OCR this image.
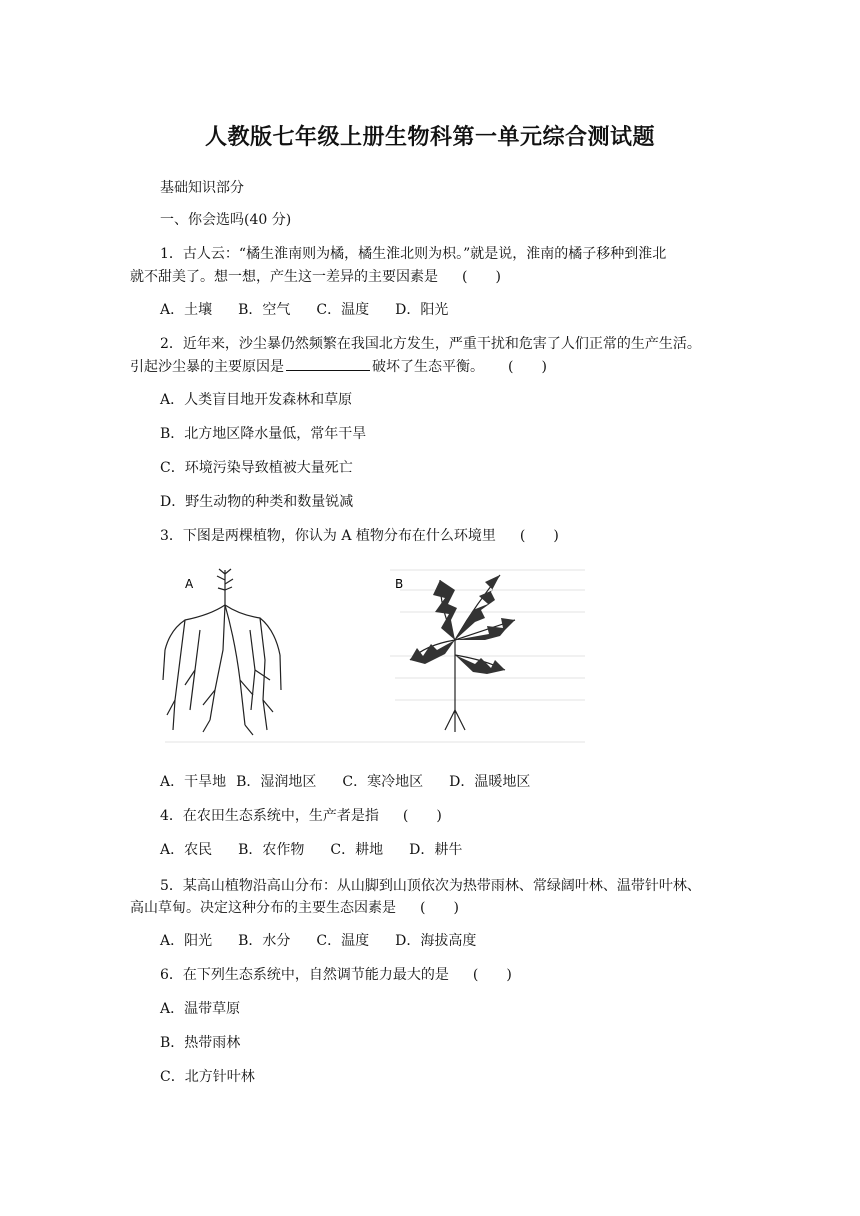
人教版七年级上册生物科第一单元综合测试题
基础知识部分
一、你会选吗(40 分)
1．古人云：“橘生淮南则为橘，橘生淮北则为枳。”就是说，淮南的橘子移种到淮北
就不甜美了。想一想，产生这一差异的主要因素是 (　　)
A．土壤 B．空气 C．温度 D．阳光
2．近年来，沙尘暴仍然频繁在我国北方发生，严重干扰和危害了人们正常的生产生活。
引起沙尘暴的主要原因是	破坏了生态平衡。 (　　)
A．人类盲目地开发森林和草原
B．北方地区降水量低，常年干旱
C．环境污染导致植被大量死亡
D．野生动物的种类和数量锐减
3．下图是两棵植物，你认为 A 植物分布在什么环境里 (　　)
A	B
A．干旱地 B．湿润地区 C．寒冷地区 D．温暖地区
4．在农田生态系统中，生产者是指 (　　)
A．农民 B．农作物 C．耕地 D．耕牛
5．某高山植物沿高山分布：从山脚到山顶依次为热带雨林、常绿阔叶林、温带针叶林、
高山草甸。决定这种分布的主要生态因素是 (　　)
A．阳光 B．水分 C．温度 D．海拔高度
6．在下列生态系统中，自然调节能力最大的是 (　　)
A．温带草原
B．热带雨林
C．北方针叶林
